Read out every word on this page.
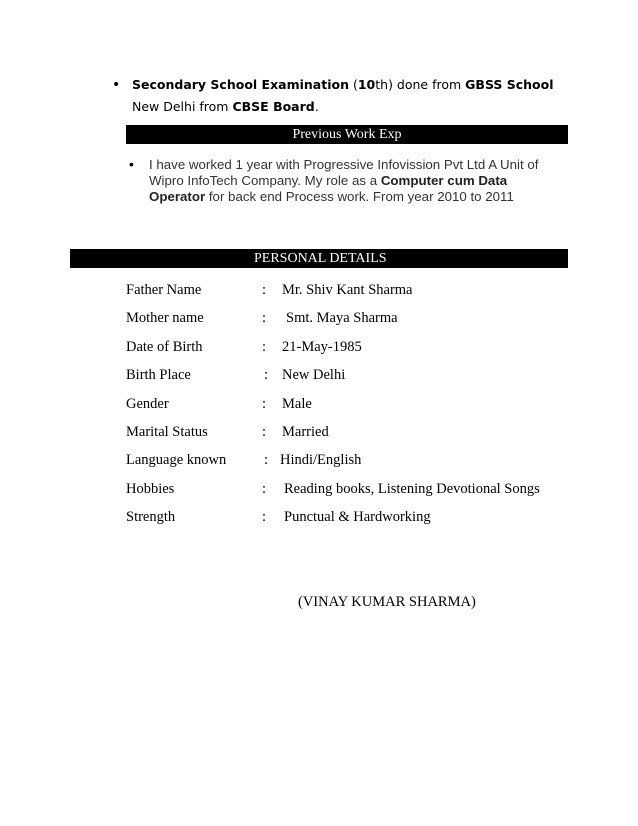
• Secondary School Examination (10th) done from GBSS School New Delhi from CBSE Board.
Previous Work Exp
• I have worked 1 year with Progressive Infovission Pvt Ltd A Unit of Wipro InfoTech Company. My role as a Computer cum Data Operator for back end Process work. From year 2010 to 2011
PERSONAL DETAILS
Father Name	: Mr. Shiv Kant Sharma
Mother name	: Smt. Maya Sharma
Date of Birth	: 21-May-1985
Birth Place	: New Delhi
Gender	: Male
Marital Status	: Married
Language known	: Hindi/English
Hobbies	: Reading books, Listening Devotional Songs
Strength	: Punctual & Hardworking
(VINAY KUMAR SHARMA)
